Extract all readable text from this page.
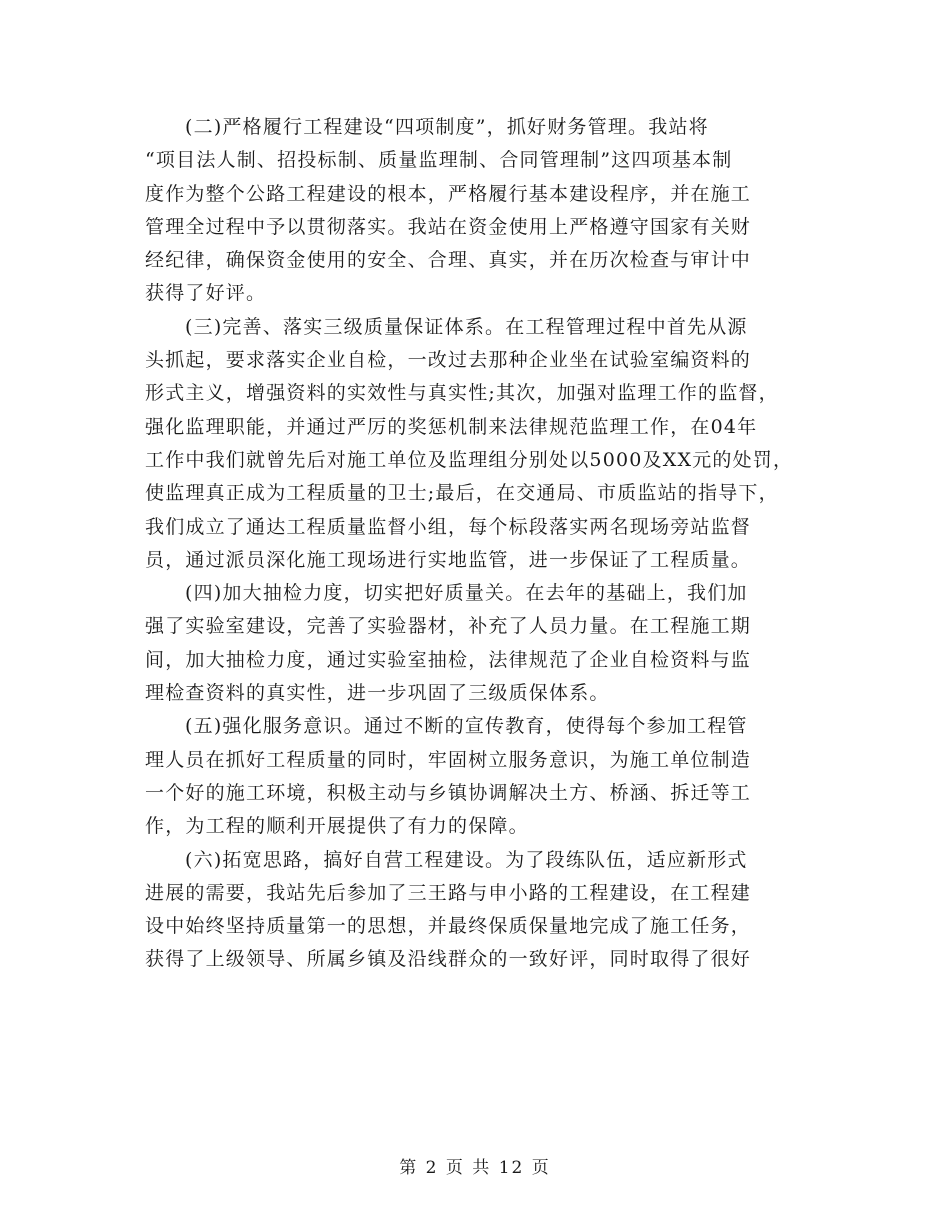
(二)严格履行工程建设“四项制度”，抓好财务管理。我站将
“项目法人制、招投标制、质量监理制、合同管理制”这四项基本制
度作为整个公路工程建设的根本，严格履行基本建设程序，并在施工
管理全过程中予以贯彻落实。我站在资金使用上严格遵守国家有关财
经纪律，确保资金使用的安全、合理、真实，并在历次检查与审计中
获得了好评。
(三)完善、落实三级质量保证体系。在工程管理过程中首先从源
头抓起，要求落实企业自检，一改过去那种企业坐在试验室编资料的
形式主义，增强资料的实效性与真实性;其次，加强对监理工作的监督，
强化监理职能，并通过严厉的奖惩机制来法律规范监理工作，在04年
工作中我们就曾先后对施工单位及监理组分别处以5000及XX元的处罚，
使监理真正成为工程质量的卫士;最后，在交通局、市质监站的指导下，
我们成立了通达工程质量监督小组，每个标段落实两名现场旁站监督
员，通过派员深化施工现场进行实地监管，进一步保证了工程质量。
(四)加大抽检力度，切实把好质量关。在去年的基础上，我们加
强了实验室建设，完善了实验器材，补充了人员力量。在工程施工期
间，加大抽检力度，通过实验室抽检，法律规范了企业自检资料与监
理检查资料的真实性，进一步巩固了三级质保体系。
(五)强化服务意识。通过不断的宣传教育，使得每个参加工程管
理人员在抓好工程质量的同时，牢固树立服务意识，为施工单位制造
一个好的施工环境，积极主动与乡镇协调解决土方、桥涵、拆迁等工
作，为工程的顺利开展提供了有力的保障。
(六)拓宽思路，搞好自营工程建设。为了段练队伍，适应新形式
进展的需要，我站先后参加了三王路与申小路的工程建设，在工程建
设中始终坚持质量第一的思想，并最终保质保量地完成了施工任务，
获得了上级领导、所属乡镇及沿线群众的一致好评，同时取得了很好
第 2 页 共 12 页
